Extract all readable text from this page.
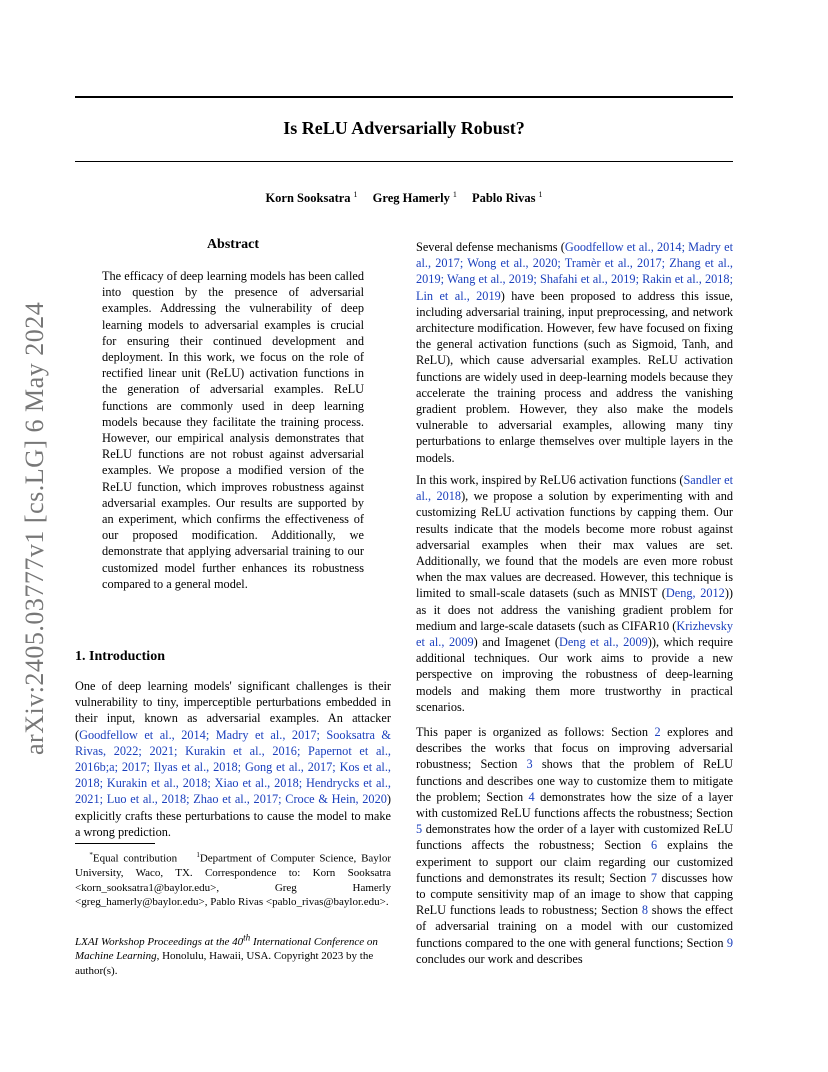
Is ReLU Adversarially Robust?
Korn Sooksatra $^1$ Greg Hamerly $^1$ Pablo Rivas $^1$
arXiv:2405.03777v1 [cs.LG] 6 May 2024
Abstract
The efficacy of deep learning models has been called into question by the presence of adversarial examples. Addressing the vulnerability of deep learning models to adversarial examples is crucial for ensuring their continued development and deployment. In this work, we focus on the role of rectified linear unit (ReLU) activation functions in the generation of adversarial examples. ReLU functions are commonly used in deep learning models because they facilitate the training process. However, our empirical analysis demonstrates that ReLU functions are not robust against adversarial examples. We propose a modified version of the ReLU function, which improves robustness against adversarial examples. Our results are supported by an experiment, which confirms the effectiveness of our proposed modification. Additionally, we demonstrate that applying adversarial training to our customized model further enhances its robustness compared to a general model.
1. Introduction
One of deep learning models' significant challenges is their vulnerability to tiny, imperceptible perturbations embedded in their input, known as adversarial examples. An attacker (Goodfellow et al., 2014; Madry et al., 2017; Sooksatra & Rivas, 2022; 2021; Kurakin et al., 2016; Papernot et al., 2016b;a; 2017; Ilyas et al., 2018; Gong et al., 2017; Kos et al., 2018; Kurakin et al., 2018; Xiao et al., 2018; Hendrycks et al., 2021; Luo et al., 2018; Zhao et al., 2017; Croce & Hein, 2020) explicitly crafts these perturbations to cause the model to make a wrong prediction.
*Equal contribution	$^1$Department of Computer Science, Baylor University, Waco, TX. Correspondence to: Korn Sooksatra <korn_sooksatra1@baylor.edu>, Greg Hamerly <greg_hamerly@baylor.edu>, Pablo Rivas <pablo_rivas@baylor.edu>.
LXAI Workshop Proceedings at the 40th International Conference on Machine Learning, Honolulu, Hawaii, USA. Copyright 2023 by the author(s).
Several defense mechanisms (Goodfellow et al., 2014; Madry et al., 2017; Wong et al., 2020; Tramèr et al., 2017; Zhang et al., 2019; Wang et al., 2019; Shafahi et al., 2019; Rakin et al., 2018; Lin et al., 2019) have been proposed to address this issue, including adversarial training, input preprocessing, and network architecture modification. However, few have focused on fixing the general activation functions (such as Sigmoid, Tanh, and ReLU), which cause adversarial examples. ReLU activation functions are widely used in deep-learning models because they accelerate the training process and address the vanishing gradient problem. However, they also make the models vulnerable to adversarial examples, allowing many tiny perturbations to enlarge themselves over multiple layers in the models.
In this work, inspired by ReLU6 activation functions (Sandler et al., 2018), we propose a solution by experimenting with and customizing ReLU activation functions by capping them. Our results indicate that the models become more robust against adversarial examples when their max values are set. Additionally, we found that the models are even more robust when the max values are decreased. However, this technique is limited to small-scale datasets (such as MNIST (Deng, 2012)) as it does not address the vanishing gradient problem for medium and large-scale datasets (such as CIFAR10 (Krizhevsky et al., 2009) and Imagenet (Deng et al., 2009)), which require additional techniques. Our work aims to provide a new perspective on improving the robustness of deep-learning models and making them more trustworthy in practical scenarios.
This paper is organized as follows: Section 2 explores and describes the works that focus on improving adversarial robustness; Section 3 shows that the problem of ReLU functions and describes one way to customize them to mitigate the problem; Section 4 demonstrates how the size of a layer with customized ReLU functions affects the robustness; Section 5 demonstrates how the order of a layer with customized ReLU functions affects the robustness; Section 6 explains the experiment to support our claim regarding our customized functions and demonstrates its result; Section 7 discusses how to compute sensitivity map of an image to show that capping ReLU functions leads to robustness; Section 8 shows the effect of adversarial training on a model with our customized functions compared to the one with general functions; Section 9 concludes our work and describes
